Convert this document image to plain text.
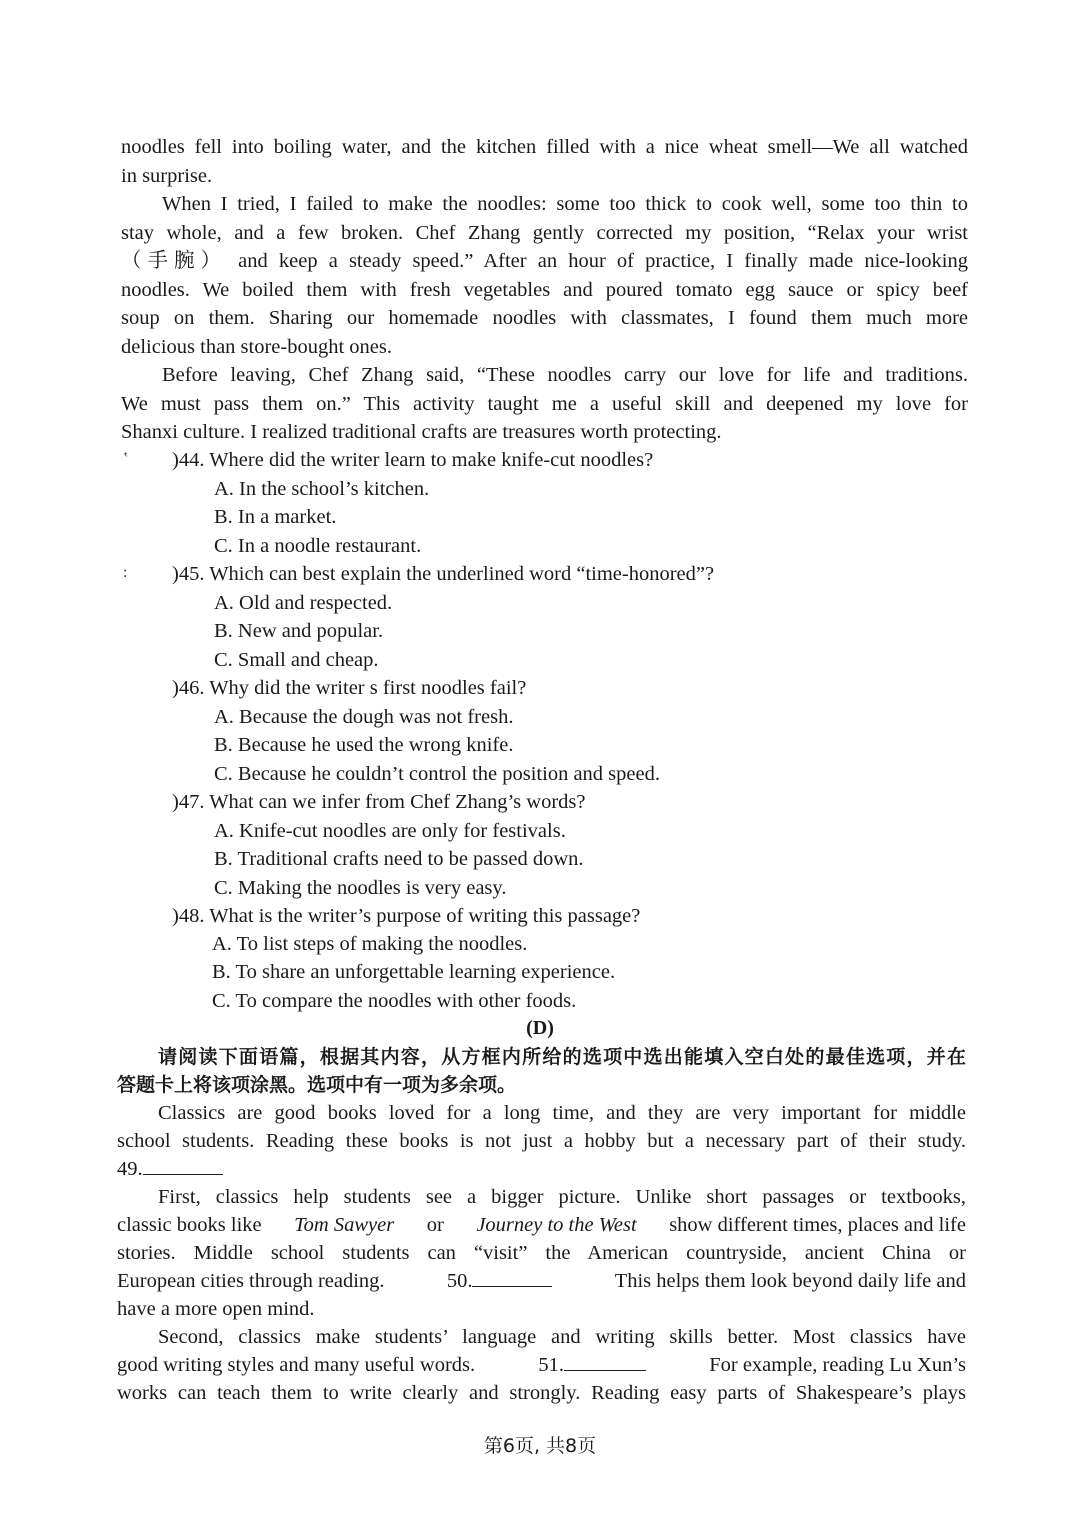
noodles fell into boiling water, and the kitchen filled with a nice wheat smell—We all watched
in surprise.
When I tried, I failed to make the noodles: some too thick to cook well, some too thin to
stay whole, and a few broken. Chef Zhang gently corrected my position, “Relax your wrist
（手腕） and keep a steady speed.” After an hour of practice, I finally made nice-looking
noodles. We boiled them with fresh vegetables and poured tomato egg sauce or spicy beef
soup on them. Sharing our homemade noodles with classmates, I found them much more
delicious than store-bought ones.
Before leaving, Chef Zhang said, “These noodles carry our love for life and traditions.
We must pass them on.” This activity taught me a useful skill and deepened my love for
Shanxi culture. I realized traditional crafts are treasures worth protecting.
‛ )44. Where did the writer learn to make knife-cut noodles?
A. In the school’s kitchen.
B. In a market.
C. In a noodle restaurant.
: )45. Which can best explain the underlined word “time-honored”?
A. Old and respected.
B. New and popular.
C. Small and cheap.
)46. Why did the writer s first noodles fail?
A. Because the dough was not fresh.
B. Because he used the wrong knife.
C. Because he couldn’t control the position and speed.
)47. What can we infer from Chef Zhang’s words?
A. Knife-cut noodles are only for festivals.
B. Traditional crafts need to be passed down.
C. Making the noodles is very easy.
)48. What is the writer’s purpose of writing this passage?
A. To list steps of making the noodles.
B. To share an unforgettable learning experience.
C. To compare the noodles with other foods.
(D)
请阅读下面语篇，根据其内容，从方框内所给的选项中选出能填入空白处的最佳选项，并在
答题卡上将该项涂黑。选项中有一项为多余项。
Classics are good books loved for a long time, and they are very important for middle
school students. Reading these books is not just a hobby but a necessary part of their study.
49.
First, classics help students see a bigger picture. Unlike short passages or textbooks,
classic books like Tom Sawyer or Journey to the West show different times, places and life
stories. Middle school students can “visit” the American countryside, ancient China or
European cities through reading.	50.	This helps them look beyond daily life and
have a more open mind.
Second, classics make students’ language and writing skills better. Most classics have
good writing styles and many useful words.	51.	For example, reading Lu Xun’s
works can teach them to write clearly and strongly. Reading easy parts of Shakespeare’s plays
第6页, 共8页
